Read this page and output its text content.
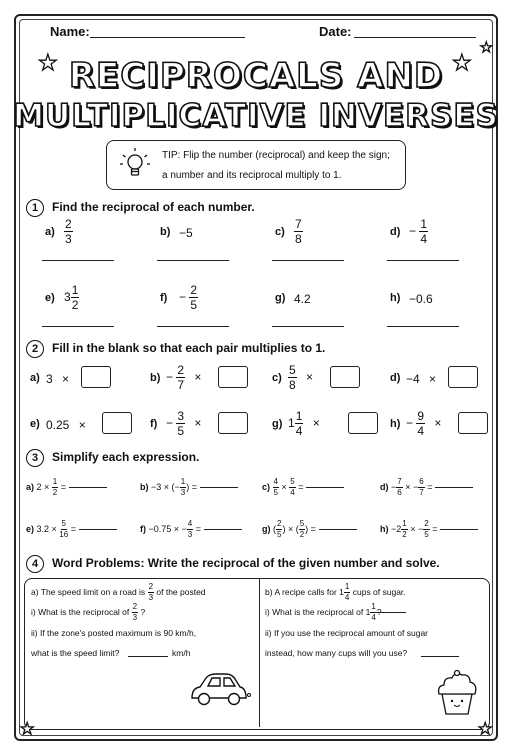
Name:	Date:
★	★
★
RECIPROCALS AND
MULTIPLICATIVE INVERSES
TIP: Flip the number (reciprocal) and keep the sign;
a number and its reciprocal multiply to 1.
1	Find the reciprocal of each number.
$a) \frac{2}{3}$	b) −5	$c) \frac{7}{8}$	$d) - \frac{1}{4}$
e) $3 \frac{1}{2}$	$f) - \frac{2}{5}$	g) 4.2	h) −0.6
2	Fill in the blank so that each pair multiplies to 1.
a) 3 ×	$b) - \frac{2}{7}$ ×	$c) \frac{5}{8}$ ×	d) −4 ×
e) 0.25 ×	$f) - \frac{3}{5}$ ×	g) $1 \frac{1}{4}$ ×	$h) - \frac{9}{4}$ ×
3	Simplify each expression.
a) $2 \times \frac{1}{2}$ =	b) −3 × (− $\frac{1}{3}$ ) =	$c) \frac{4}{5} \times \frac{5}{4}$ =	$d) - \frac{7}{6}$ × − $\frac{6}{7}$ =
e) $3.2 \times \frac{5}{16}$ =	f) −0.75 × − $\frac{4}{3}$ =	g) ( $\frac{2}{5}$ ) × ( $\frac{5}{2}$ ) =	$h) -2 \frac{1}{2}$ × − $\frac{2}{5}$ =
4	Word Problems: Write the reciprocal of the given number and solve.
a) The speed limit on a road is $\frac{2}{3}$ of the posted
i) What is the reciprocal of $\frac{2}{3}$ ?
ii) If the zone's posted maximum is 90 km/h,
what is the speed limit?	km/h
b) A recipe calls for $1 \frac{1}{4}$ cups of sugar.
i) What is the reciprocal of $1 \frac{1}{4}$ ?
ii) If you use the reciprocal amount of sugar
instead, how many cups will you use?
★	★
